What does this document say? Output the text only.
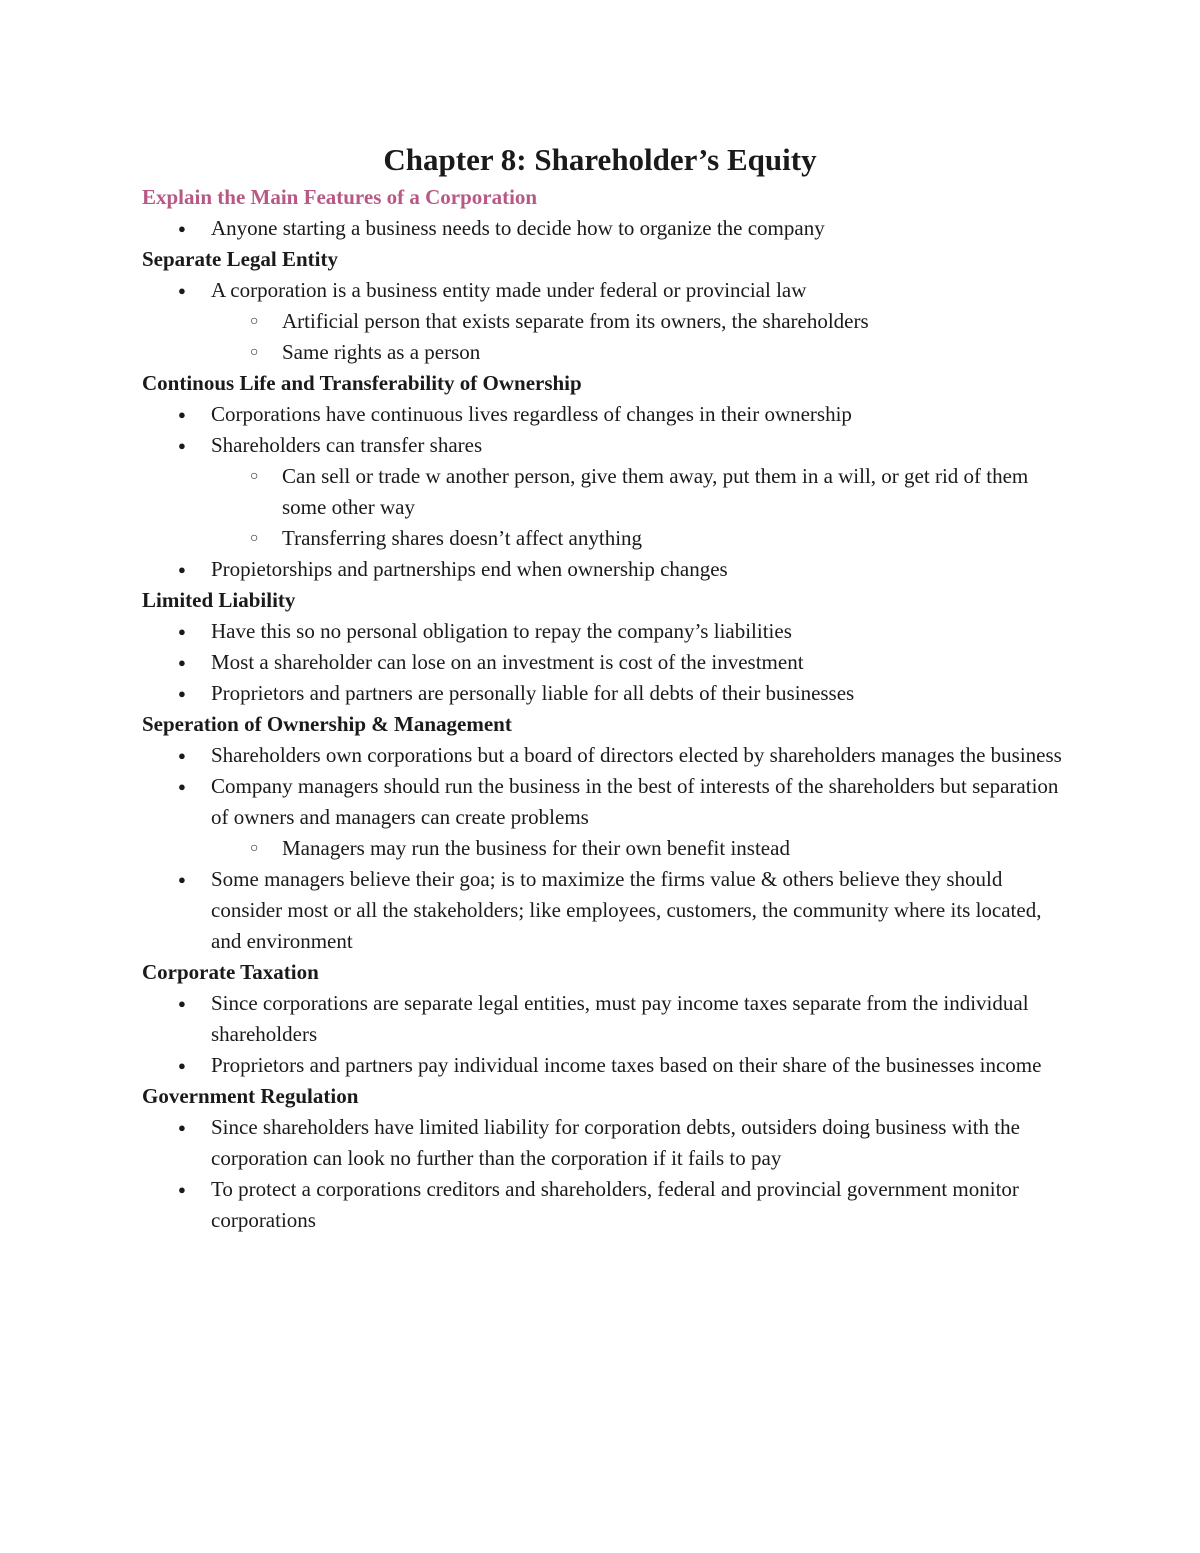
Chapter 8: Shareholder’s Equity
Explain the Main Features of a Corporation
● Anyone starting a business needs to decide how to organize the company
Separate Legal Entity
● A corporation is a business entity made under federal or provincial law
○ Artificial person that exists separate from its owners, the shareholders
○ Same rights as a person
Continous Life and Transferability of Ownership
● Corporations have continuous lives regardless of changes in their ownership
● Shareholders can transfer shares
○ Can sell or trade w another person, give them away, put them in a will, or get rid of them some other way
○ Transferring shares doesn’t affect anything
● Propietorships and partnerships end when ownership changes
Limited Liability
● Have this so no personal obligation to repay the company’s liabilities
● Most a shareholder can lose on an investment is cost of the investment
● Proprietors and partners are personally liable for all debts of their businesses
Seperation of Ownership & Management
● Shareholders own corporations but a board of directors elected by shareholders manages the business
● Company managers should run the business in the best of interests of the shareholders but separation of owners and managers can create problems
○ Managers may run the business for their own benefit instead
● Some managers believe their goa; is to maximize the firms value & others believe they should consider most or all the stakeholders; like employees, customers, the community where its located, and environment
Corporate Taxation
● Since corporations are separate legal entities, must pay income taxes separate from the individual shareholders
● Proprietors and partners pay individual income taxes based on their share of the businesses income
Government Regulation
● Since shareholders have limited liability for corporation debts, outsiders doing business with the corporation can look no further than the corporation if it fails to pay
● To protect a corporations creditors and shareholders, federal and provincial government monitor corporations
